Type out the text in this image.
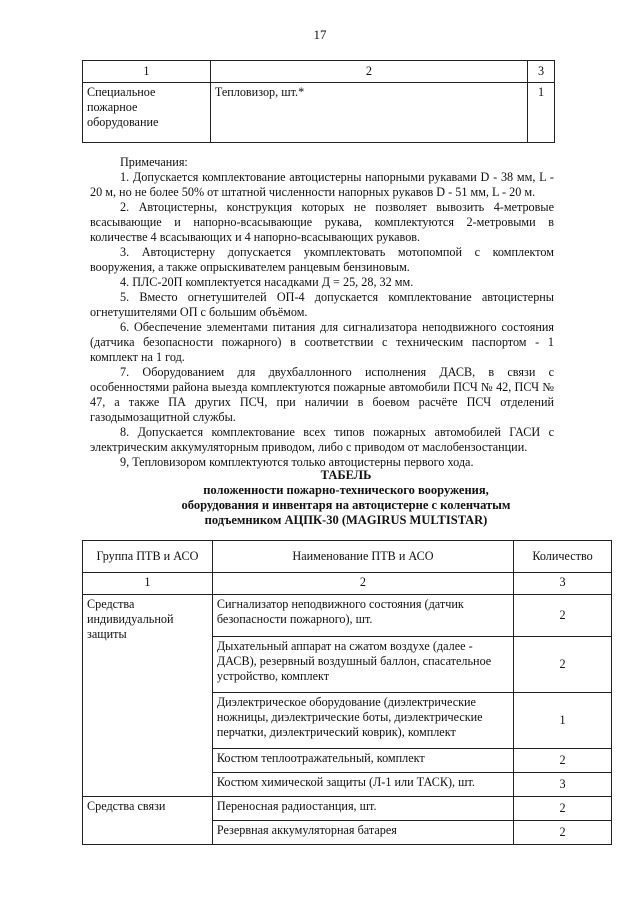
17
1	2	3
Специальное пожарное оборудование	Тепловизор, шт.*	1
Примечания:

1. Допускается комплектование автоцистерны напорными рукавами D - 38 мм, L - 20 м, но не более 50% от штатной численности напорных рукавов D - 51 мм, L - 20 м.

2. Автоцистерны, конструкция которых не позволяет вывозить 4-метровые всасывающие и напорно-всасывающие рукава, комплектуются 2-метровыми в количестве 4 всасывающих и 4 напорно-всасывающих рукавов.

3. Автоцистерну допускается укомплектовать мотопомпой с комплектом вооружения, а также опрыскивателем ранцевым бензиновым.

4. ПЛС-20П комплектуется насадками Д = 25, 28, 32 мм.

5. Вместо огнетушителей ОП-4 допускается комплектование автоцистерны огнетушителями ОП с большим объёмом.

6. Обеспечение элементами питания для сигнализатора неподвижного состояния (датчика безопасности пожарного) в соответствии с техническим паспортом - 1 комплект на 1 год.

7. Оборудованием для двухбаллонного исполнения ДАСВ, в связи с особенностями района выезда комплектуются пожарные автомобили ПСЧ № 42, ПСЧ № 47, а также ПА других ПСЧ, при наличии в боевом расчёте ПСЧ отделений газодымозащитной службы.

8. Допускается комплектование всех типов пожарных автомобилей ГАСИ с электрическим аккумуляторным приводом, либо с приводом от маслобензостанции.

9, Тепловизором комплектуются только автоцистерны первого хода.

ТАБЕЛЬ
положенности пожарно-технического вооружения,
оборудования и инвентаря на автоцистерне с коленчатым
подъемником АЦПК-30 (MAGIRUS MULTISTAR)
Группа ПТВ и АСО	Наименование ПТВ и АСО	Количество
1	2	3
Средства индивидуальной защиты	Сигнализатор неподвижного состояния (датчик безопасности пожарного), шт.	2
	Дыхательный аппарат на сжатом воздухе (далее - ДАСВ), резервный воздушный баллон, спасательное устройство, комплект	2
	Диэлектрическое оборудование (диэлектрические ножницы, диэлектрические боты, диэлектрические перчатки, диэлектрический коврик), комплект	1
	Костюм теплоотражательный, комплект	2
	Костюм химической защиты (Л-1 или ТАСК), шт.	3
Средства связи	Переносная радиостанция, шт.	2
	Резервная аккумуляторная батарея	2
